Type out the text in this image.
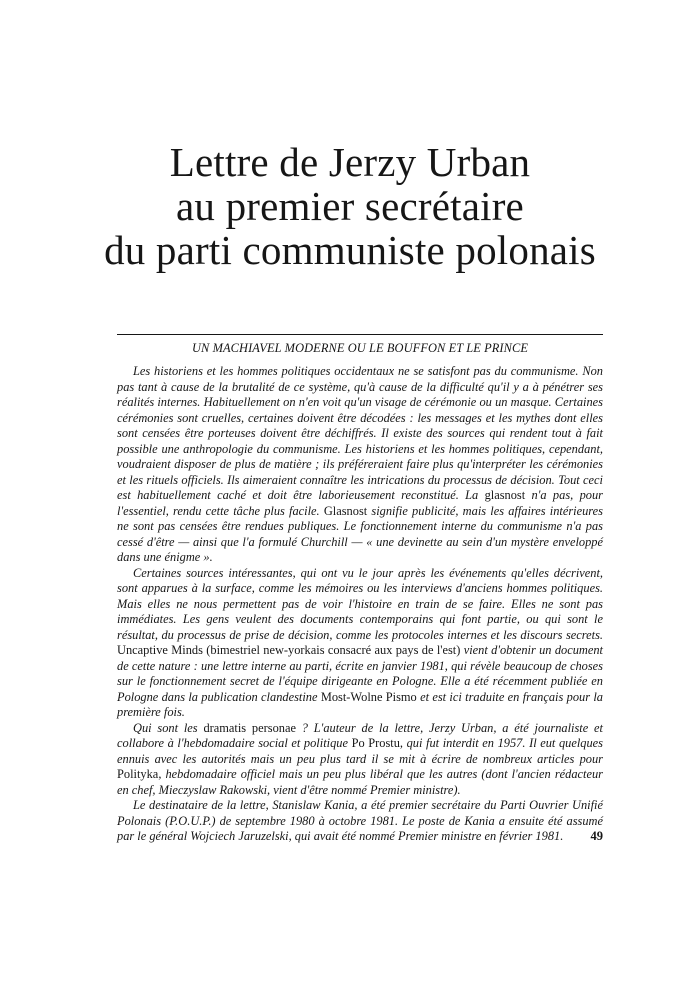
Lettre de Jerzy Urban
au premier secrétaire
du parti communiste polonais
UN MACHIAVEL MODERNE OU LE BOUFFON ET LE PRINCE

Les historiens et les hommes politiques occidentaux ne se satisfont pas du communisme. Non pas tant à cause de la brutalité de ce système, qu'à cause de la difficulté qu'il y a à pénétrer ses réalités internes. Habituellement on n'en voit qu'un visage de cérémonie ou un masque. Certaines cérémonies sont cruelles, certaines doivent être décodées : les messages et les mythes dont elles sont censées être porteuses doivent être déchiffrés. Il existe des sources qui rendent tout à fait possible une anthropologie du communisme. Les historiens et les hommes politiques, cependant, voudraient disposer de plus de matière ; ils préféreraient faire plus qu'interpréter les cérémonies et les rituels officiels. Ils aimeraient connaître les intrications du processus de décision. Tout ceci est habituellement caché et doit être laborieusement reconstitué. La glasnost n'a pas, pour l'essentiel, rendu cette tâche plus facile. Glasnost signifie publicité, mais les affaires intérieures ne sont pas censées être rendues publiques. Le fonctionnement interne du communisme n'a pas cessé d'être — ainsi que l'a formulé Churchill — « une devinette au sein d'un mystère enveloppé dans une énigme ».

Certaines sources intéressantes, qui ont vu le jour après les événements qu'elles décrivent, sont apparues à la surface, comme les mémoires ou les interviews d'anciens hommes politiques. Mais elles ne nous permettent pas de voir l'histoire en train de se faire. Elles ne sont pas immédiates. Les gens veulent des documents contemporains qui font partie, ou qui sont le résultat, du processus de prise de décision, comme les protocoles internes et les discours secrets. Uncaptive Minds (bimestriel new-yorkais consacré aux pays de l'est) vient d'obtenir un document de cette nature : une lettre interne au parti, écrite en janvier 1981, qui révèle beaucoup de choses sur le fonctionnement secret de l'équipe dirigeante en Pologne. Elle a été récemment publiée en Pologne dans la publication clandestine Most-Wolne Pismo et est ici traduite en français pour la première fois.

Qui sont les dramatis personae ? L'auteur de la lettre, Jerzy Urban, a été journaliste et collabore à l'hebdomadaire social et politique Po Prostu, qui fut interdit en 1957. Il eut quelques ennuis avec les autorités mais un peu plus tard il se mit à écrire de nombreux articles pour Polityka, hebdomadaire officiel mais un peu plus libéral que les autres (dont l'ancien rédacteur en chef, Mieczyslaw Rakowski, vient d'être nommé Premier ministre).

Le destinataire de la lettre, Stanislaw Kania, a été premier secrétaire du Parti Ouvrier Unifié Polonais (P.O.U.P.) de septembre 1980 à octobre 1981. Le poste de Kania a ensuite été assumé par le général Wojciech Jaruzelski, qui avait été nommé Premier ministre en février 1981.	49
